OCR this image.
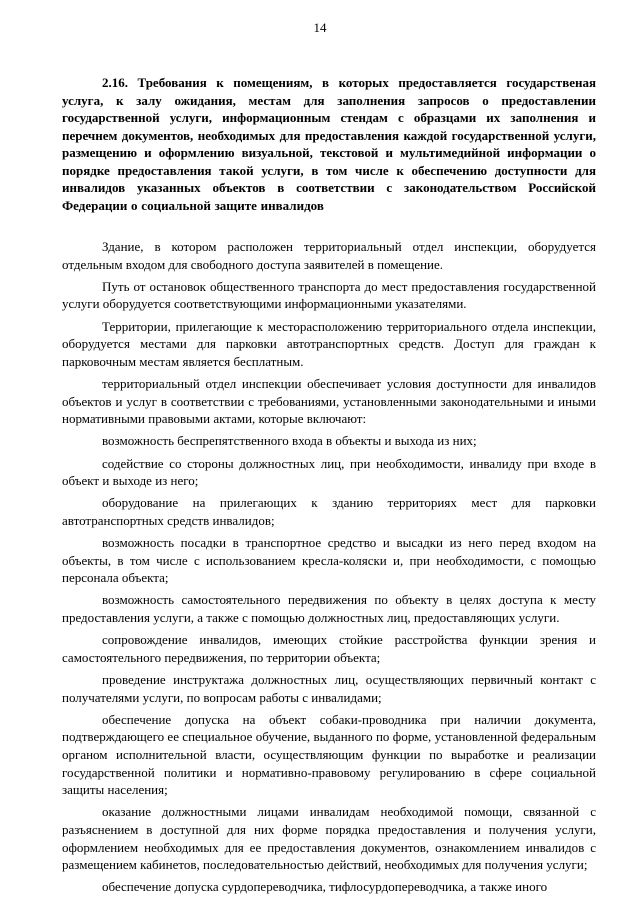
14
2.16. Требования к помещениям, в которых предоставляется государственая услуга, к залу ожидания, местам для заполнения запросов о предоставлении государственной услуги, информационным стендам с образцами их заполнения и перечнем документов, необходимых для предоставления каждой государственной услуги, размещению и оформлению визуальной, текстовой и мультимедийной информации о порядке предоставления такой услуги, в том числе к обеспечению доступности для инвалидов указанных объектов в соответствии с законодательством Российской Федерации о социальной защите инвалидов

Здание, в котором расположен территориальный отдел инспекции, оборудуется отдельным входом для свободного доступа заявителей в помещение.

Путь от остановок общественного транспорта до мест предоставления государственной услуги оборудуется соответствующими информационными указателями.

Территории, прилегающие к месторасположению территориального отдела инспекции, оборудуется местами для парковки автотранспортных средств. Доступ для граждан к парковочным местам является бесплатным.

территориальный отдел инспекции обеспечивает условия доступности для инвалидов объектов и услуг в соответствии с требованиями, установленными законодательными и иными нормативными правовыми актами, которые включают:

возможность беспрепятственного входа в объекты и выхода из них;

содействие со стороны должностных лиц, при необходимости, инвалиду при входе в объект и выходе из него;

оборудование на прилегающих к зданию территориях мест для парковки автотранспортных средств инвалидов;

возможность посадки в транспортное средство и высадки из него перед входом на объекты, в том числе с использованием кресла-коляски и, при необходимости, с помощью персонала объекта;

возможность самостоятельного передвижения по объекту в целях доступа к месту предоставления услуги, а также с помощью должностных лиц, предоставляющих услуги.

сопровождение инвалидов, имеющих стойкие расстройства функции зрения и самостоятельного передвижения, по территории объекта;

проведение инструктажа должностных лиц, осуществляющих первичный контакт с получателями услуги, по вопросам работы с инвалидами;

обеспечение допуска на объект собаки-проводника при наличии документа, подтверждающего ее специальное обучение, выданного по форме, установленной федеральным органом исполнительной власти, осуществляющим функции по выработке и реализации государственной политики и нормативно-правовому регулированию в сфере социальной защиты населения;

оказание должностными лицами инвалидам необходимой помощи, связанной с разъяснением в доступной для них форме порядка предоставления и получения услуги, оформлением необходимых для ее предоставления документов, ознакомлением инвалидов с размещением кабинетов, последовательностью действий, необходимых для получения услуги;

обеспечение допуска сурдопереводчика, тифлосурдопереводчика, а также иного
